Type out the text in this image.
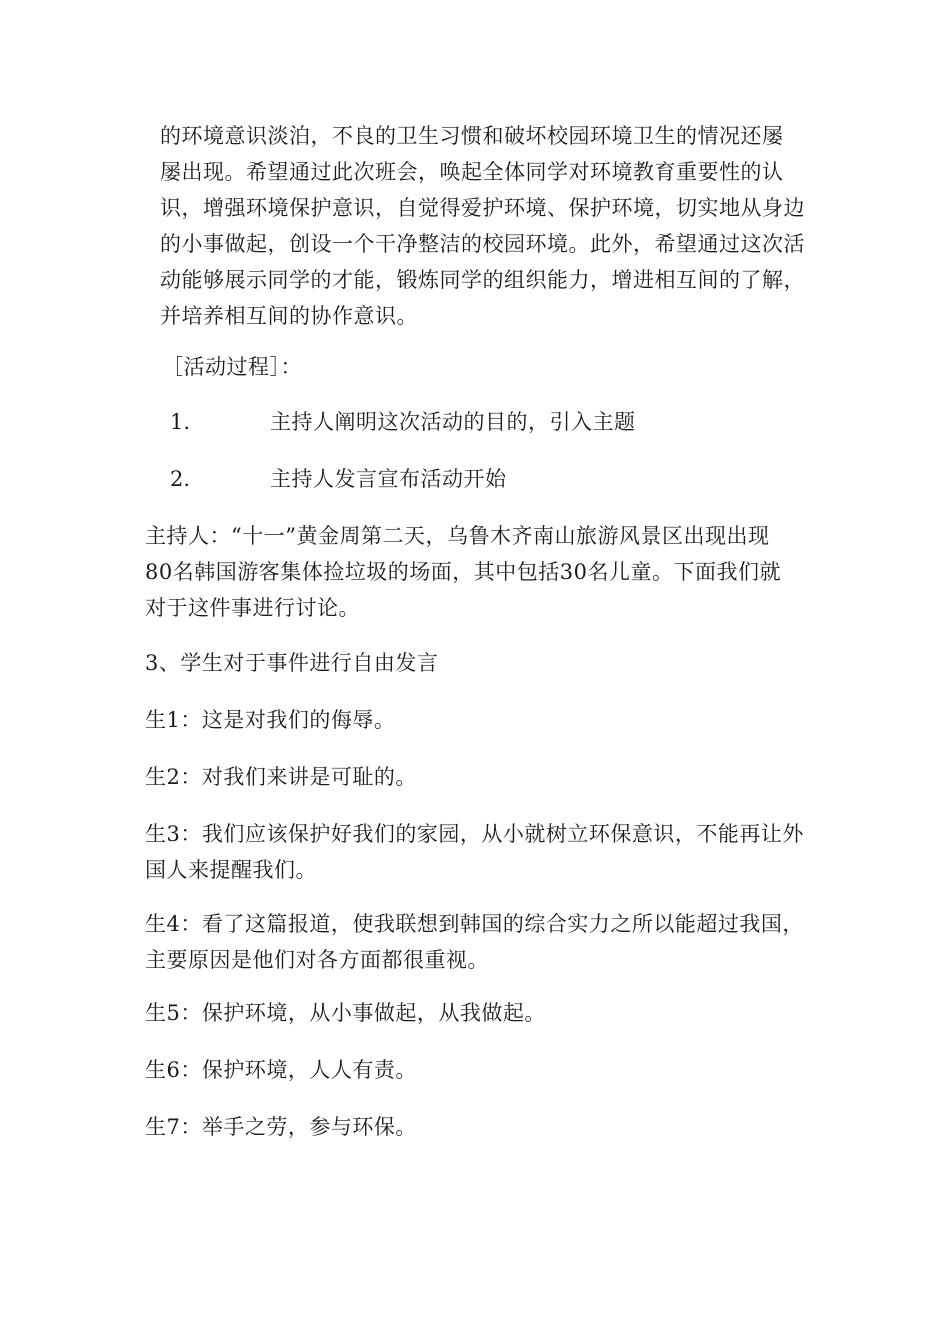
的环境意识淡泊，不良的卫生习惯和破坏校园环境卫生的情况还屡
屡出现。希望通过此次班会，唤起全体同学对环境教育重要性的认
识，增强环境保护意识，自觉得爱护环境、保护环境，切实地从身边
的小事做起，创设一个干净整洁的校园环境。此外，希望通过这次活
动能够展示同学的才能，锻炼同学的组织能力，增进相互间的了解，
并培养相互间的协作意识。
［活动过程］：
1.	主持人阐明这次活动的目的，引入主题
2.	主持人发言宣布活动开始
主持人：“十一”黄金周第二天，乌鲁木齐南山旅游风景区出现出现
80名韩国游客集体捡垃圾的场面，其中包括30名儿童。下面我们就
对于这件事进行讨论。
3、学生对于事件进行自由发言
生1：这是对我们的侮辱。
生2：对我们来讲是可耻的。
生3：我们应该保护好我们的家园，从小就树立环保意识，不能再让外
国人来提醒我们。
生4：看了这篇报道，使我联想到韩国的综合实力之所以能超过我国，
主要原因是他们对各方面都很重视。
生5：保护环境，从小事做起，从我做起。
生6：保护环境，人人有责。
生7：举手之劳，参与环保。
